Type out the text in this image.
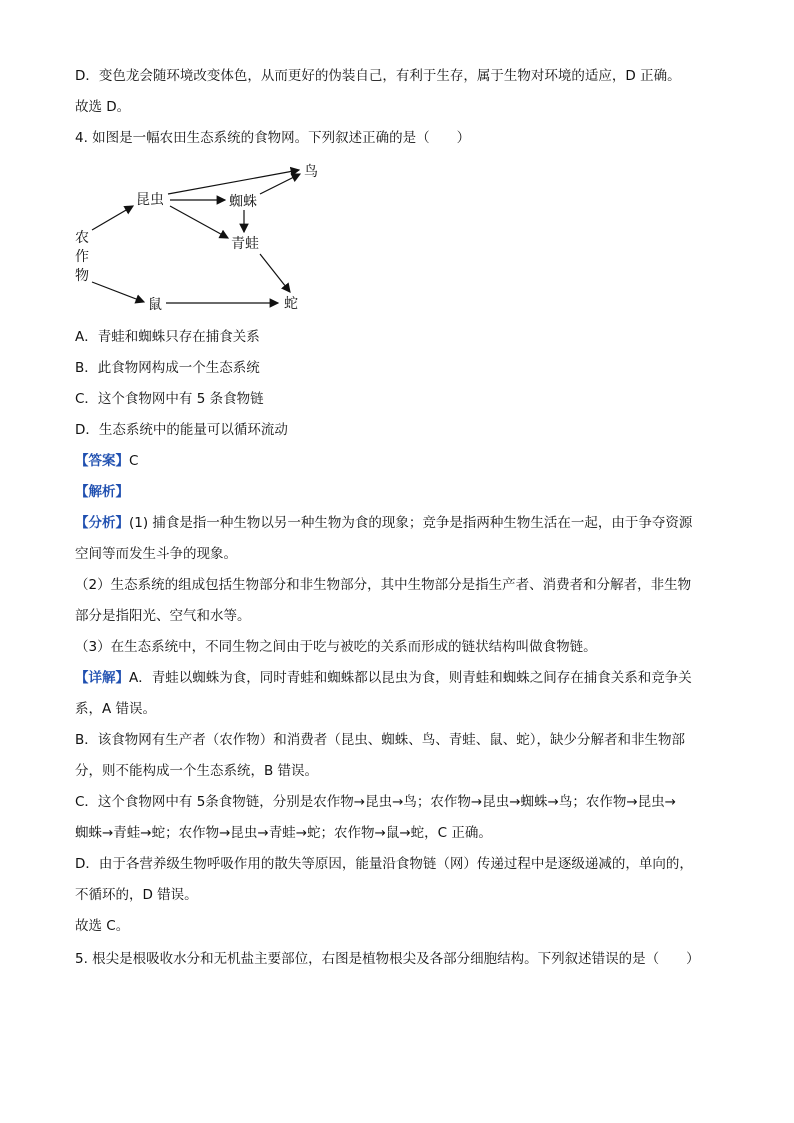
D．变色龙会随环境改变体色，从而更好的伪装自己，有利于生存，属于生物对环境的适应，D 正确。
故选 D。
4. 如图是一幅农田生态系统的食物网。下列叙述正确的是（　　）
农
作
物
昆虫	蜘蛛
鸟
青蛙
鼠	蛇
A．青蛙和蜘蛛只存在捕食关系
B．此食物网构成一个生态系统
C．这个食物网中有 5 条食物链
D．生态系统中的能量可以循环流动
【答案】C
【解析】
【分析】(1) 捕食是指一种生物以另一种生物为食的现象；竞争是指两种生物生活在一起，由于争夺资源
空间等而发生斗争的现象。
（2）生态系统的组成包括生物部分和非生物部分，其中生物部分是指生产者、消费者和分解者，非生物
部分是指阳光、空气和水等。
（3）在生态系统中，不同生物之间由于吃与被吃的关系而形成的链状结构叫做食物链。
【详解】A．青蛙以蜘蛛为食，同时青蛙和蜘蛛都以昆虫为食，则青蛙和蜘蛛之间存在捕食关系和竞争关
系，A 错误。
B．该食物网有生产者（农作物）和消费者（昆虫、蜘蛛、鸟、青蛙、鼠、蛇），缺少分解者和非生物部
分，则不能构成一个生态系统，B 错误。
C．这个食物网中有 5条食物链，分别是农作物→昆虫→鸟；农作物→昆虫→蜘蛛→鸟；农作物→昆虫→
蜘蛛→青蛙→蛇；农作物→昆虫→青蛙→蛇；农作物→鼠→蛇，C 正确。
D．由于各营养级生物呼吸作用的散失等原因，能量沿食物链（网）传递过程中是逐级递减的，单向的，
不循环的，D 错误。
故选 C。
5. 根尖是根吸收水分和无机盐主要部位，右图是植物根尖及各部分细胞结构。下列叙述错误的是（　　）
